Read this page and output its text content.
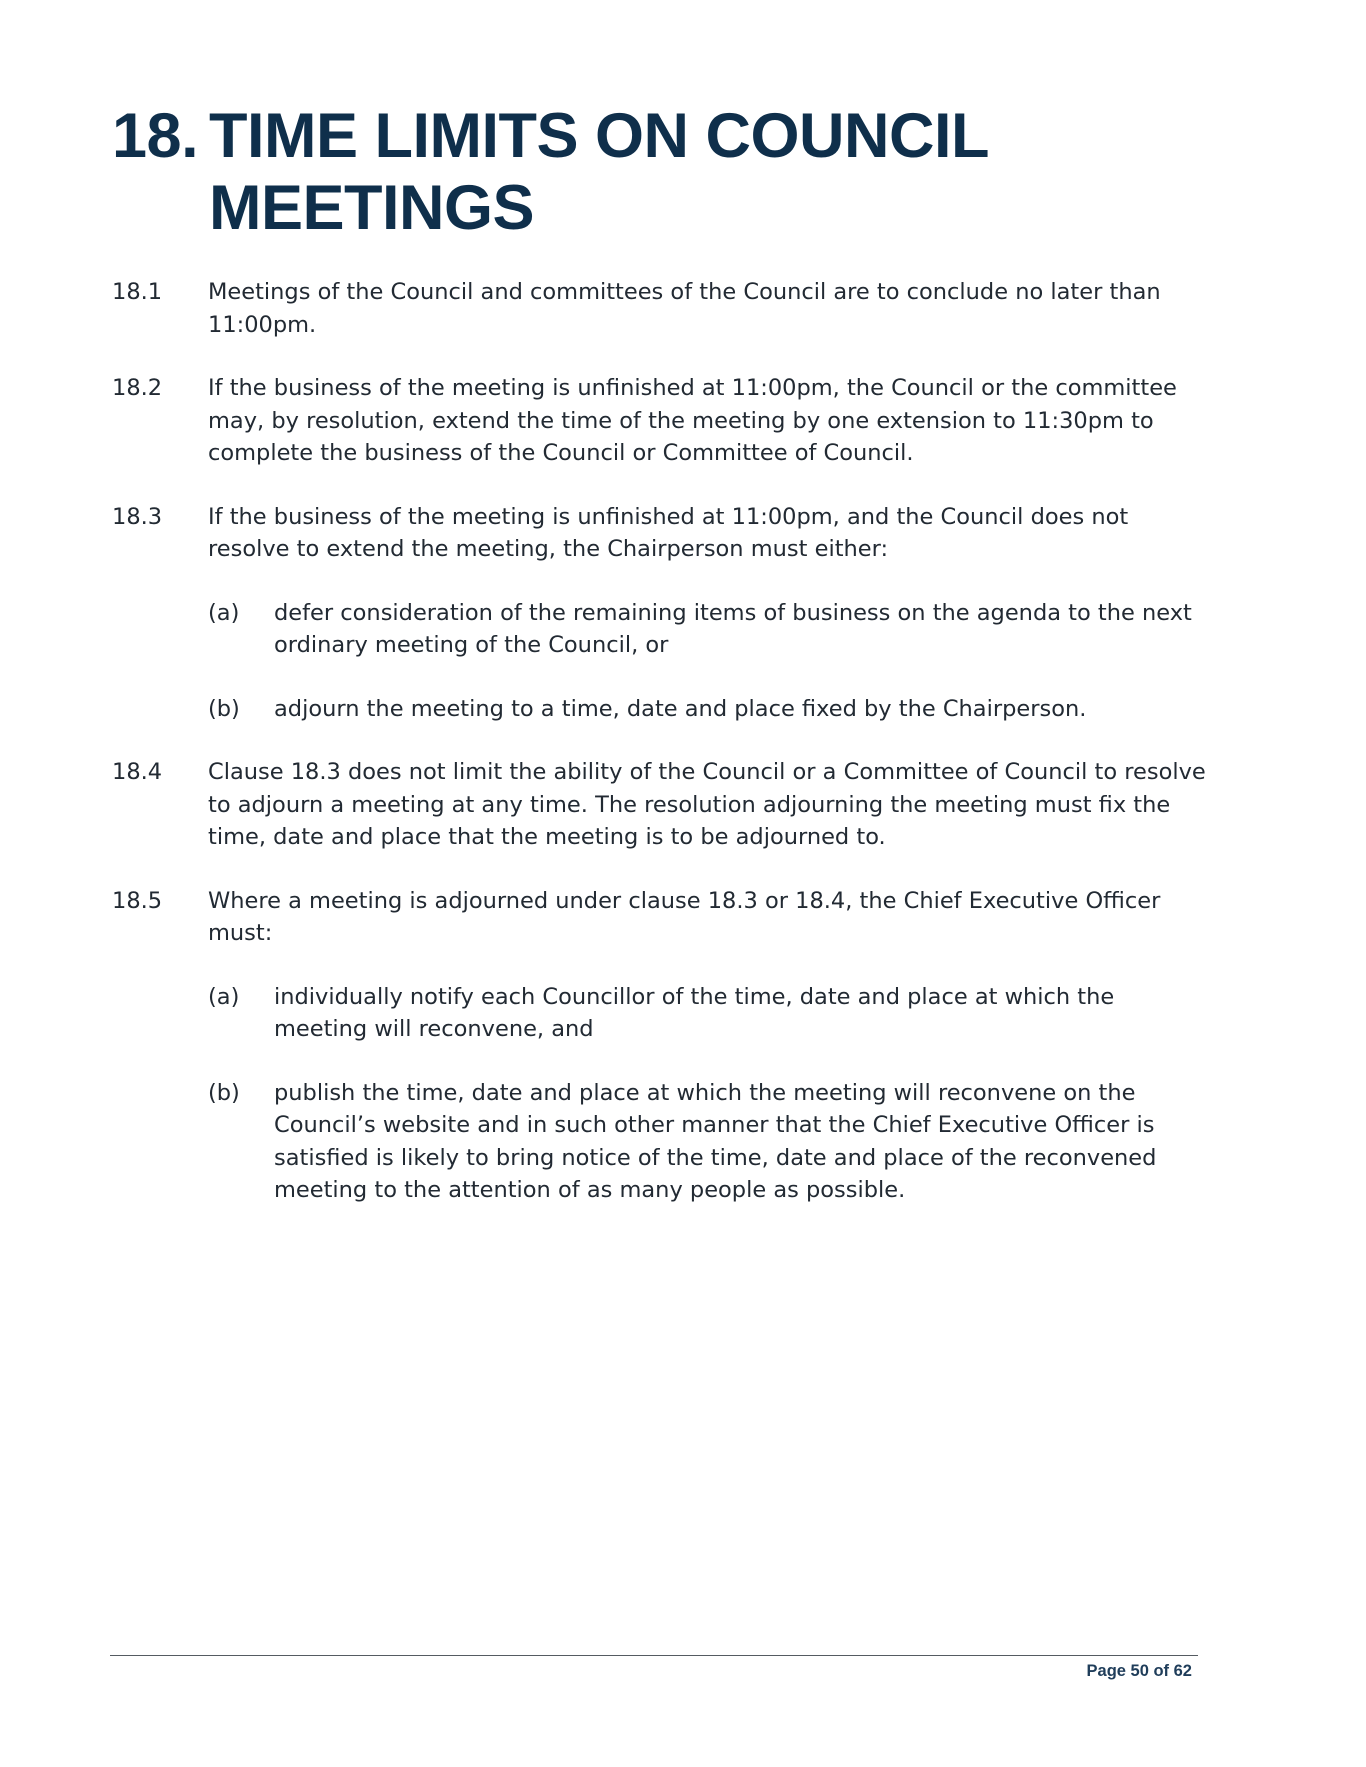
18. TIME LIMITS ON COUNCIL
MEETINGS
18.1	Meetings of the Council and committees of the Council are to conclude no later than 11:00pm.
18.2	If the business of the meeting is unfinished at 11:00pm, the Council or the committee may, by resolution, extend the time of the meeting by one extension to 11:30pm to complete the business of the Council or Committee of Council.
18.3	If the business of the meeting is unfinished at 11:00pm, and the Council does not resolve to extend the meeting, the Chairperson must either:
(a)	defer consideration of the remaining items of business on the agenda to the next ordinary meeting of the Council, or
(b)	adjourn the meeting to a time, date and place fixed by the Chairperson.
18.4	Clause 18.3 does not limit the ability of the Council or a Committee of Council to resolve to adjourn a meeting at any time. The resolution adjourning the meeting must fix the time, date and place that the meeting is to be adjourned to.
18.5	Where a meeting is adjourned under clause 18.3 or 18.4, the Chief Executive Officer must:
(a)	individually notify each Councillor of the time, date and place at which the meeting will reconvene, and
(b)	publish the time, date and place at which the meeting will reconvene on the Council’s website and in such other manner that the Chief Executive Officer is satisfied is likely to bring notice of the time, date and place of the reconvened meeting to the attention of as many people as possible.
Page 50 of 62
